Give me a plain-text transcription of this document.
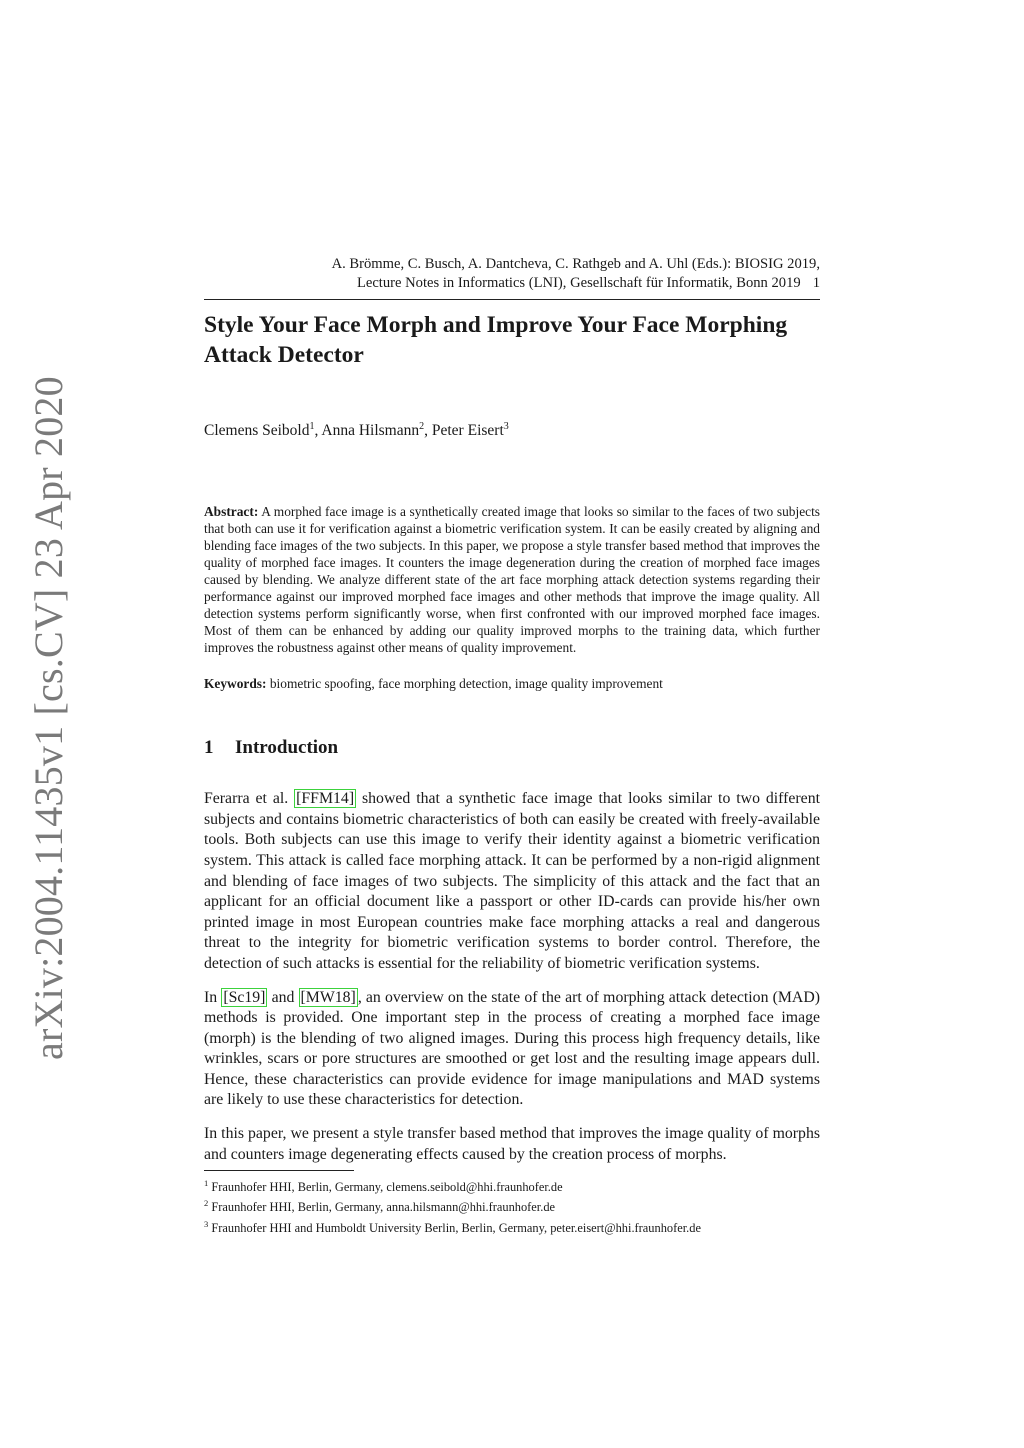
arXiv:2004.11435v1 [cs.CV] 23 Apr 2020
A. Brömme, C. Busch, A. Dantcheva, C. Rathgeb and A. Uhl (Eds.): BIOSIG 2019,
Lecture Notes in Informatics (LNI), Gesellschaft für Informatik, Bonn 2019 1
Style Your Face Morph and Improve Your Face Morphing
Attack Detector
Clemens Seibold$^1$, Anna Hilsmann$^2$, Peter Eisert$^3$
Abstract: A morphed face image is a synthetically created image that looks so similar to the faces of two subjects that both can use it for verification against a biometric verification system. It can be easily created by aligning and blending face images of the two subjects. In this paper, we propose a style transfer based method that improves the quality of morphed face images. It counters the image degeneration during the creation of morphed face images caused by blending. We analyze different state of the art face morphing attack detection systems regarding their performance against our improved morphed face images and other methods that improve the image quality. All detection systems perform significantly worse, when first confronted with our improved morphed face images. Most of them can be enhanced by adding our quality improved morphs to the training data, which further improves the robustness against other means of quality improvement.
Keywords: biometric spoofing, face morphing detection, image quality improvement
1 Introduction

Ferarra et al. [FFM14] showed that a synthetic face image that looks similar to two different subjects and contains biometric characteristics of both can easily be created with freely-available tools. Both subjects can use this image to verify their identity against a biometric verification system. This attack is called face morphing attack. It can be performed by a non-rigid alignment and blending of face images of two subjects. The simplicity of this attack and the fact that an applicant for an official document like a passport or other ID-cards can provide his/her own printed image in most European countries make face morphing attacks a real and dangerous threat to the integrity for biometric verification systems to border control. Therefore, the detection of such attacks is essential for the reliability of biometric verification systems.

In [Sc19] and [MW18] , an overview on the state of the art of morphing attack detection (MAD) methods is provided. One important step in the process of creating a morphed face image (morph) is the blending of two aligned images. During this process high frequency details, like wrinkles, scars or pore structures are smoothed or get lost and the resulting image appears dull. Hence, these characteristics can provide evidence for image manipulations and MAD systems are likely to use these characteristics for detection.

In this paper, we present a style transfer based method that improves the image quality of morphs and counters image degenerating effects caused by the creation process of morphs.

$^1$ Fraunhofer HHI, Berlin, Germany, clemens.seibold@hhi.fraunhofer.de
$^2$ Fraunhofer HHI, Berlin, Germany, anna.hilsmann@hhi.fraunhofer.de
$^3$ Fraunhofer HHI and Humboldt University Berlin, Berlin, Germany, peter.eisert@hhi.fraunhofer.de
